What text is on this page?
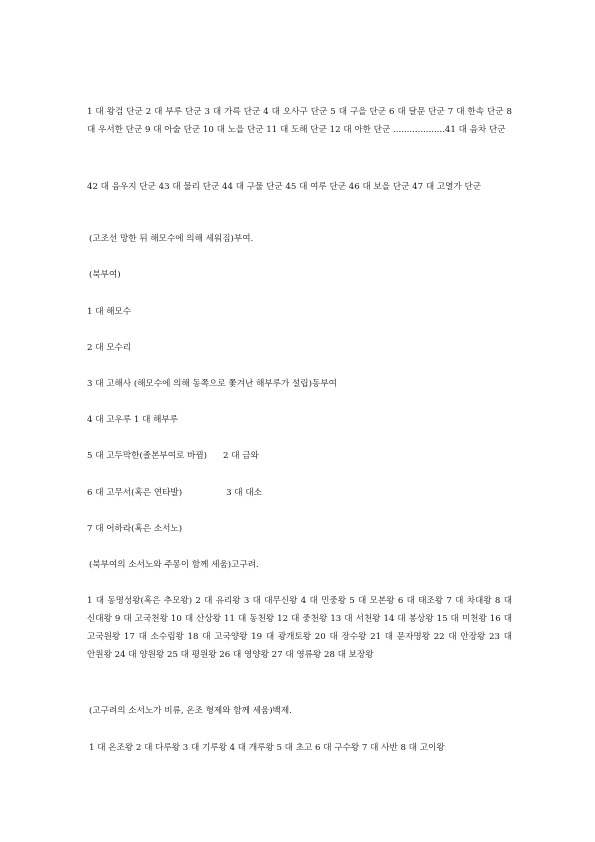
1 대 왕검 단군 2 대 부루 단군 3 대 가륵 단군 4 대 오사구 단군 5 대 구을 단군 6 대 달문 단군 7 대 한속 단군 8 대 우서한 단군 9 대 아술 단군 10 대 노을 단군 11 대 도해 단군 12 대 아한 단군 ...................41 대 음차 단군

42 대 음우지 단군 43 대 물리 단군 44 대 구물 단군 45 대 여루 단군 46 대 보을 단군 47 대 고열가 단군

(고조선 망한 뒤 해모수에 의해 세워짐)부여.

(북부여)

1 대 해모수

2 대 모수리

3 대 고해사 (해모수에 의해 동쪽으로 쫓겨난 해부루가 설립)동부여

4 대 고우루 1 대 해부루

5 대 고두막한(졸본부여로 바뀜) 2 대 금와

6 대 고무서(혹은 연타발)	3 대 대소

7 대 어하라(혹은 소서노)

(북부여의 소서노와 주몽이 함께 세움)고구려.

1 대 동명성왕(혹은 추모왕) 2 대 유리왕 3 대 대무신왕 4 대 민중왕 5 대 모본왕 6 대 태조왕 7 대 차대왕 8 대 신대왕 9 대 고국천왕 10 대 산상왕 11 대 동천왕 12 대 중천왕 13 대 서천왕 14 대 봉상왕 15 대 미천왕 16 대 고국원왕 17 대 소수림왕 18 대 고국양왕 19 대 광개토왕 20 대 장수왕 21 대 문자명왕 22 대 안장왕 23 대 안원왕 24 대 양원왕 25 대 평원왕 26 대 영양왕 27 대 영류왕 28 대 보장왕

(고구려의 소서노가 비류, 온조 형제와 함께 세움)백제.

1 대 온조왕 2 대 다루왕 3 대 기루왕 4 대 개루왕 5 대 초고 6 대 구수왕 7 대 사반 8 대 고이왕
